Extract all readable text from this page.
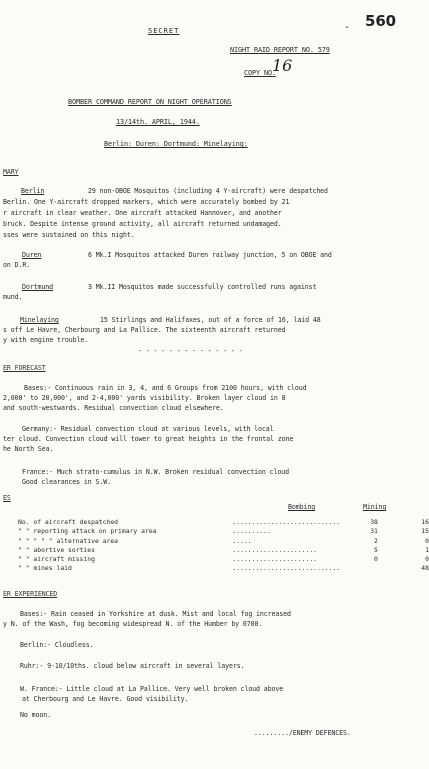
SECRET	- 560
NIGHT RAID REPORT NO. 579
COPY NO.
16
BOMBER COMMAND REPORT ON NIGHT OPERATIONS
13/14th. APRIL, 1944.
Berlin: Duren: Dortmund: Minelaying:
MARY
Berlin	29 non-OBOE Mosquitos (including 4 Y-aircraft) were despatched
Berlin. One Y-aircraft dropped markers, which were accurately bombed by 21
r aircraft in clear weather. One aircraft attacked Hannover, and another
bruck. Despite intense ground activity, all aircraft returned undamaged.
sses were sustained on this night.
Duren	6 Mk.I Mosquitos attacked Duren railway junction, 5 on OBOE and
on D.R.
Dortmund	3 Mk.II Mosquitos made successfully controlled runs against
mund.
Minelaying	15 Stirlings and Halifaxes, out of a force of 16, laid 48
s off Le Havre, Cherbourg and La Pallice. The sixteenth aircraft returned
y with engine trouble.
- - - - - - - - - - - - - -
ER FORECAST
Bases:- Continuous rain in 3, 4, and 6 Groups from 2100 hours, with cloud
2,000' to 20,000', and 2-4,000' yards visibility. Broken layer cloud in 8
and south-westwards. Residual convection cloud elsewhere.
Germany:- Residual convection cloud at various levels, with local
ter cloud. Convection cloud will tower to great heights in the frontal zone
he North Sea.
France:- Much strato-cumulus in N.W. Broken residual convection cloud
Good clearances in S.W.
ES
Bombing	Mining
No. of aircraft despatched	............................	38	16
" " reporting attack on primary area	..........	31	15
" " " " " alternative area	.....	2	0
" " abortive sorties	......................	5	1
" " aircraft missing	......................	0	0
" " mines laid	............................		48
ER EXPERIENCED
Bases:- Rain ceased in Yorkshire at dusk. Mist and local fog increased
y N. of the Wash, fog becoming widespread N. of the Humber by 0700.
Berlin:- Cloudless.
Ruhr:- 9-10/10ths. cloud below aircraft in several layers.
W. France:- Little cloud at La Pallice. Very well broken cloud above
at Cherbourg and Le Havre. Good visibility.
No moon.
........./ENEMY DEFENCES.
